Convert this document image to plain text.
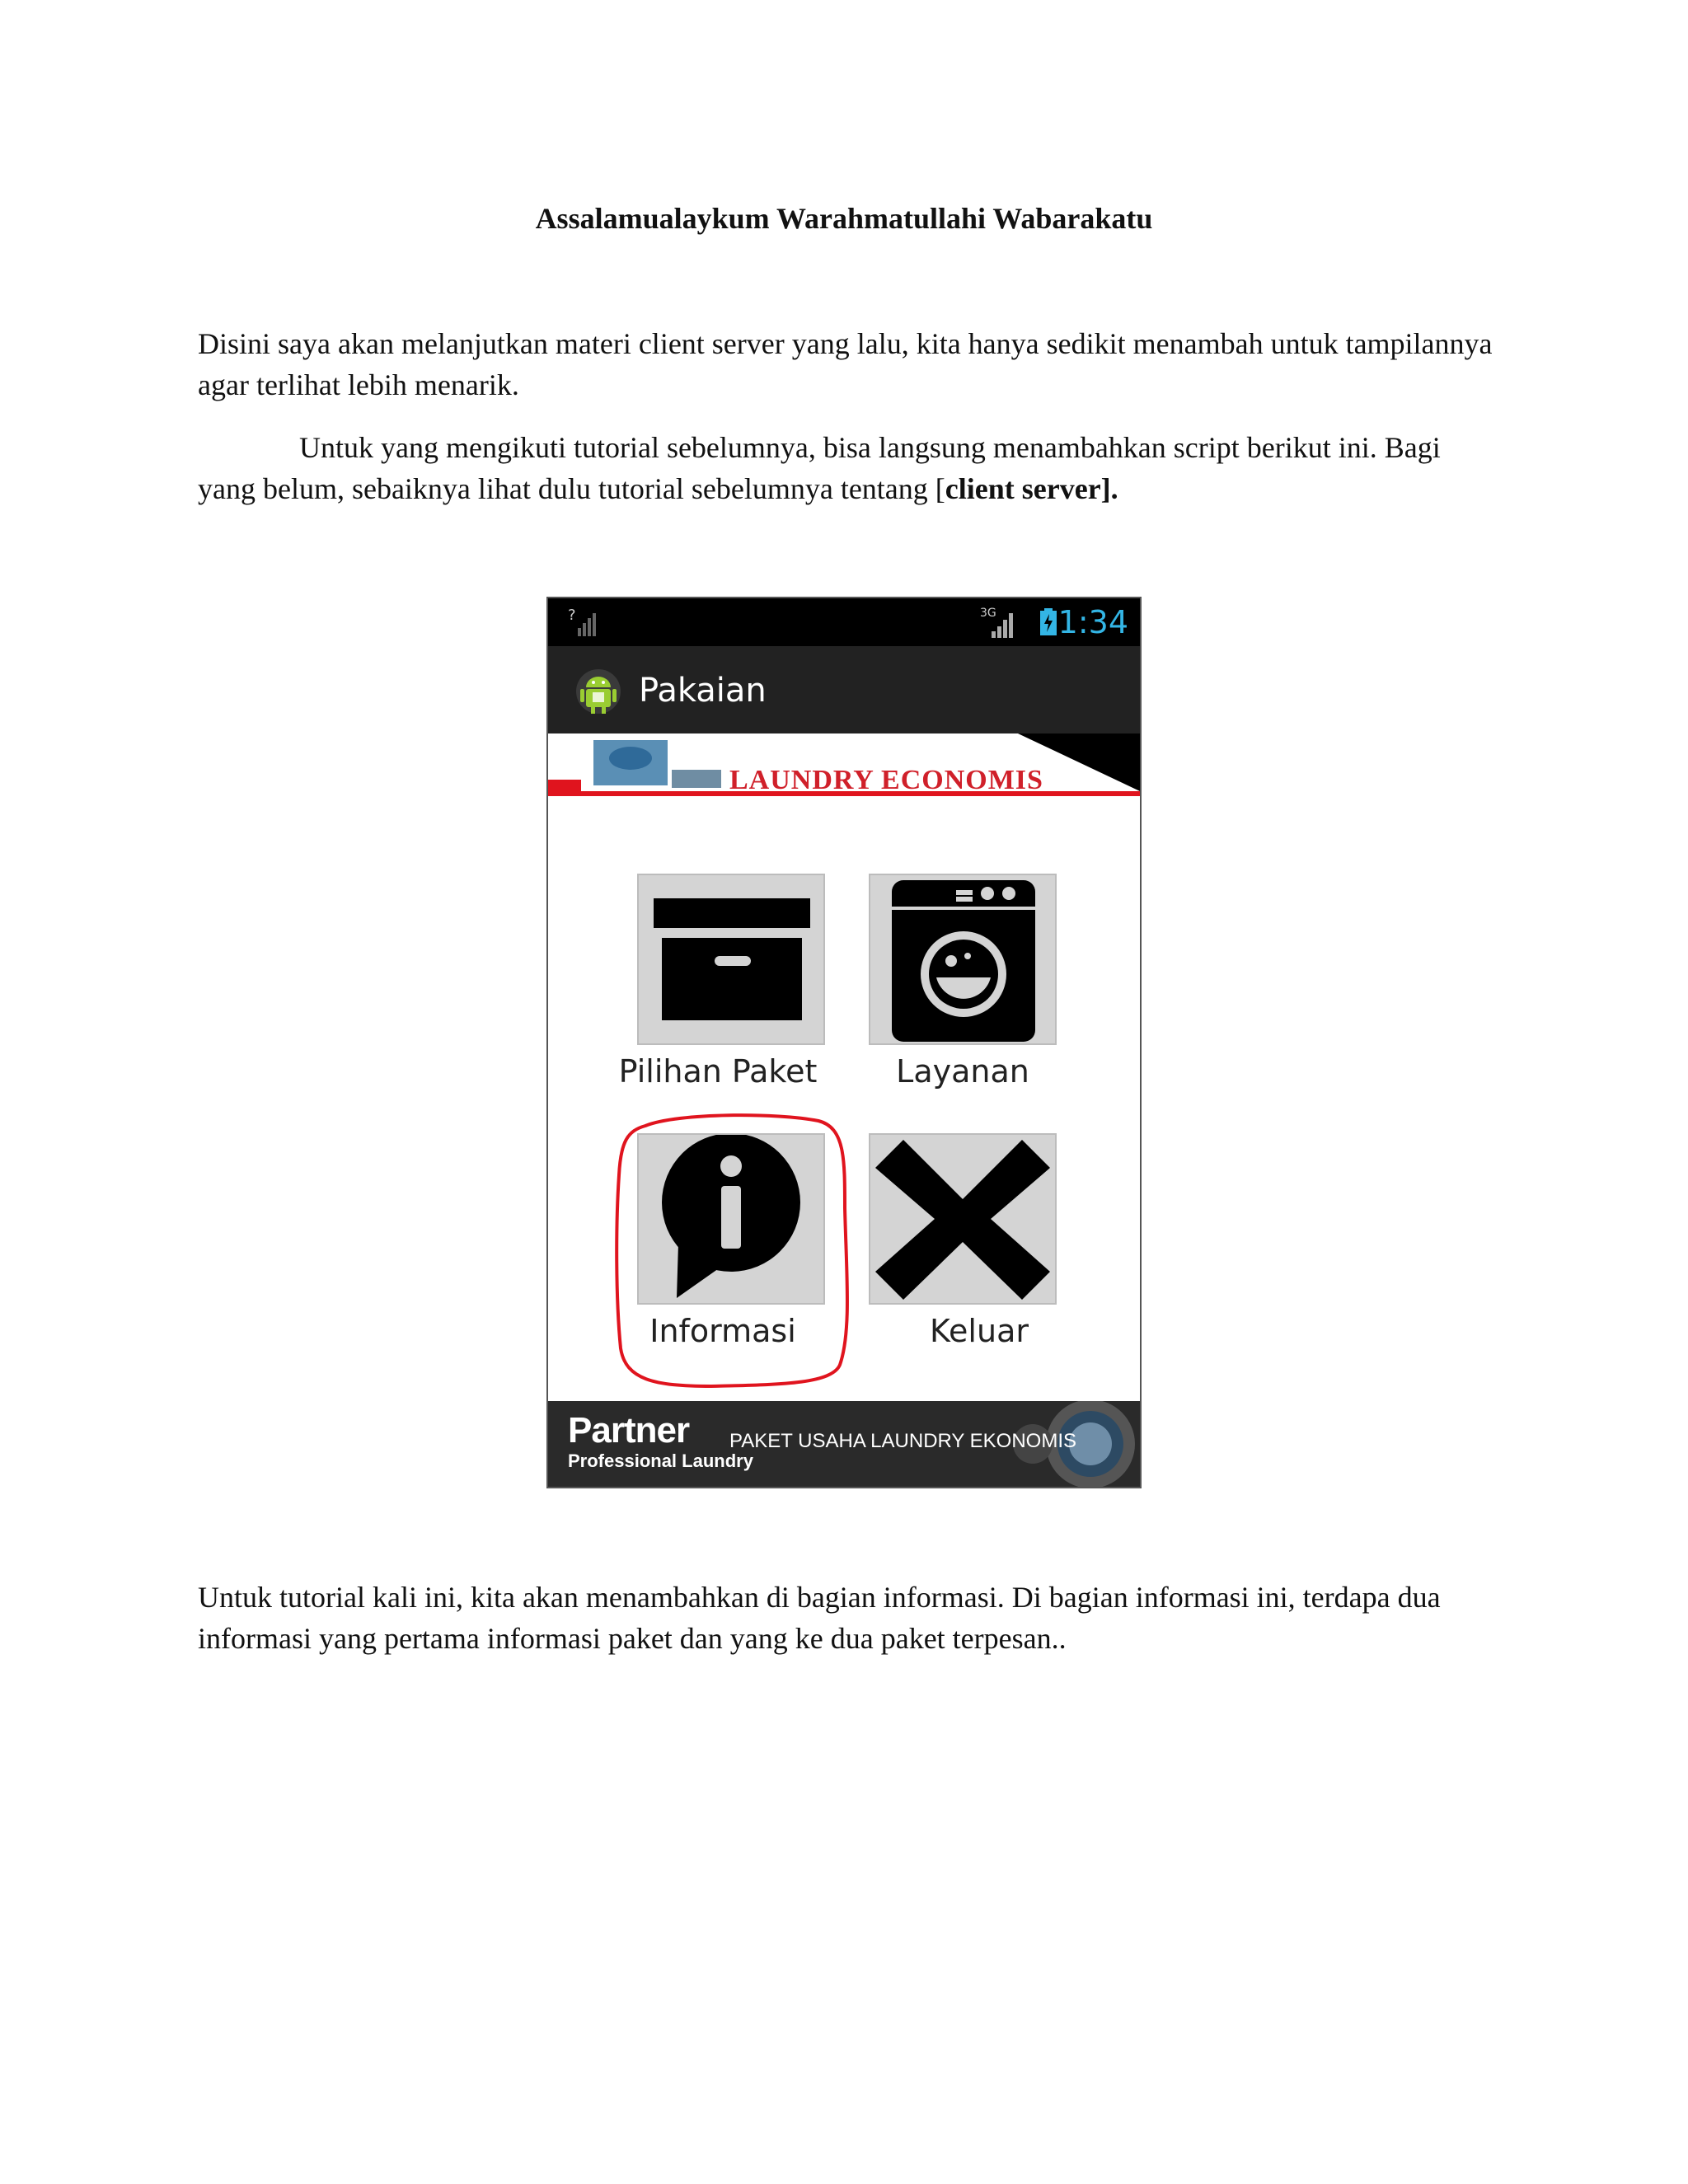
Assalamualaykum Warahmatullahi Wabarakatu

Disini saya akan melanjutkan materi client server yang lalu, kita hanya sedikit menambah untuk tampilannya agar terlihat lebih menarik.

Untuk yang mengikuti tutorial sebelumnya, bisa langsung menambahkan script berikut ini. Bagi yang belum, sebaiknya lihat dulu tutorial sebelumnya tentang [client server].

?	3G 1:34
Pakaian
LAUNDRY ECONOMIS
Pilihan Paket	Layanan
Informasi	Keluar
Partner
Professional Laundry
PAKET USAHA LAUNDRY EKONOMIS

Untuk tutorial kali ini, kita akan menambahkan di bagian informasi. Di bagian informasi ini, terdapa dua informasi yang pertama informasi paket dan yang ke dua paket terpesan..
